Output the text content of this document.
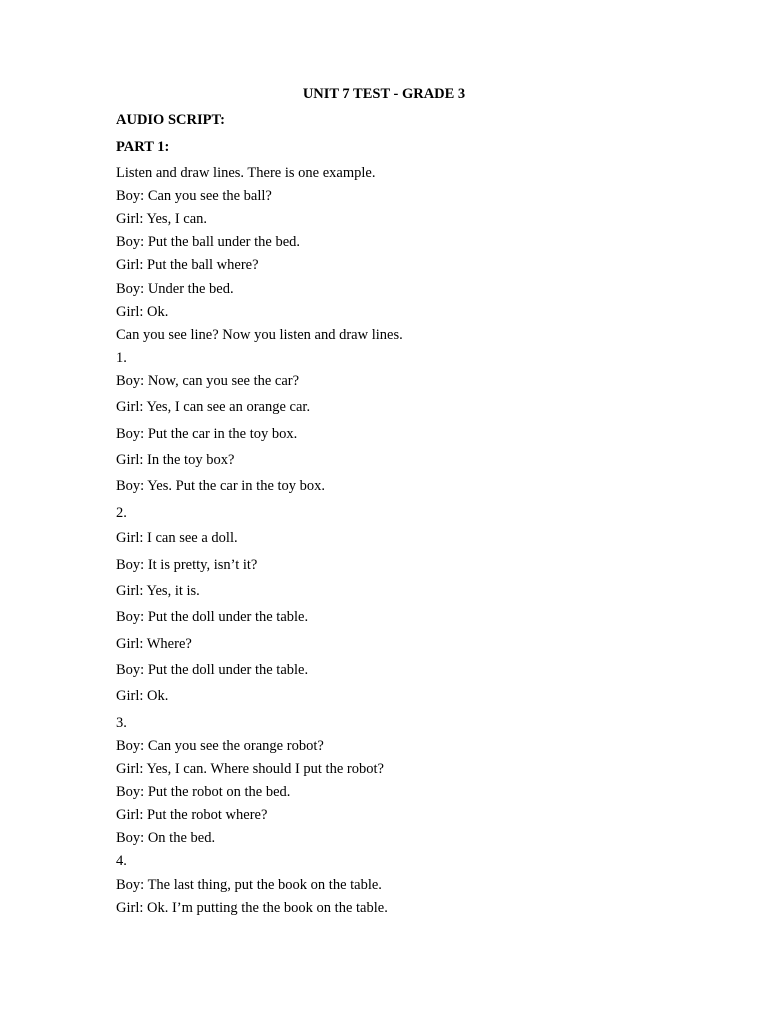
UNIT 7 TEST - GRADE 3
AUDIO SCRIPT:
PART 1:
Listen and draw lines. There is one example.
Boy: Can you see the ball?
Girl: Yes, I can.
Boy: Put the ball under the bed.
Girl: Put the ball where?
Boy: Under the bed.
Girl: Ok.
Can you see line? Now you listen and draw lines.
1.
Boy: Now, can you see the car?
Girl: Yes, I can see an orange car.
Boy: Put the car in the toy box.
Girl: In the toy box?
Boy: Yes. Put the car in the toy box.
2.
Girl: I can see a doll.
Boy: It is pretty, isn’t it?
Girl: Yes, it is.
Boy: Put the doll under the table.
Girl: Where?
Boy: Put the doll under the table.
Girl: Ok.
3.
Boy: Can you see the orange robot?
Girl: Yes, I can. Where should I put the robot?
Boy: Put the robot on the bed.
Girl: Put the robot where?
Boy: On the bed.
4.
Boy: The last thing, put the book on the table.
Girl: Ok. I’m putting the the book on the table.
